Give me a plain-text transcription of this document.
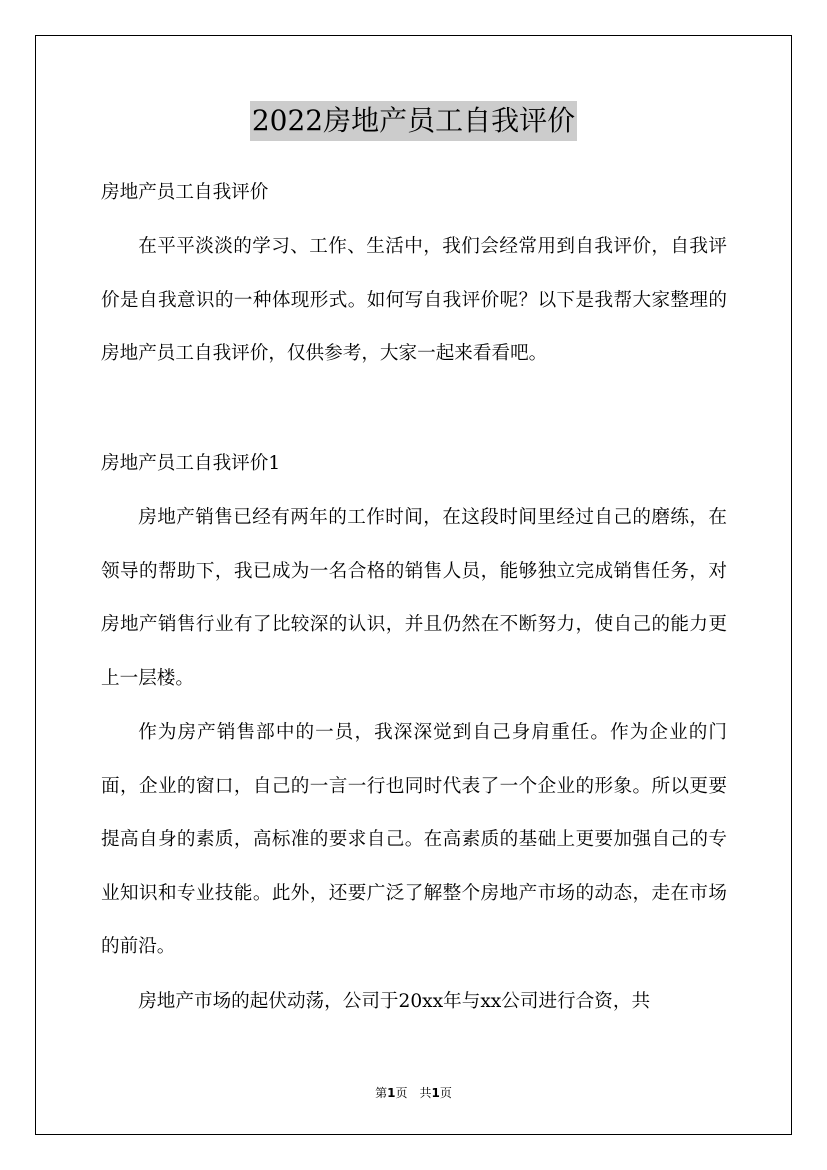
2022房地产员工自我评价

房地产员工自我评价

在平平淡淡的学习、工作、生活中，我们会经常用到自我评价，自我评价是自我意识的一种体现形式。如何写自我评价呢？以下是我帮大家整理的房地产员工自我评价，仅供参考，大家一起来看看吧。

房地产员工自我评价1

房地产销售已经有两年的工作时间，在这段时间里经过自己的磨练，在领导的帮助下，我已成为一名合格的销售人员，能够独立完成销售任务，对房地产销售行业有了比较深的认识，并且仍然在不断努力，使自己的能力更上一层楼。

作为房产销售部中的一员，我深深觉到自己身肩重任。作为企业的门面，企业的窗口，自己的一言一行也同时代表了一个企业的形象。所以更要提高自身的素质，高标准的要求自己。在高素质的基础上更要加强自己的专业知识和专业技能。此外，还要广泛了解整个房地产市场的动态，走在市场的前沿。

房地产市场的起伏动荡，公司于20xx年与xx公司进行合资，共

第1页　共1页
